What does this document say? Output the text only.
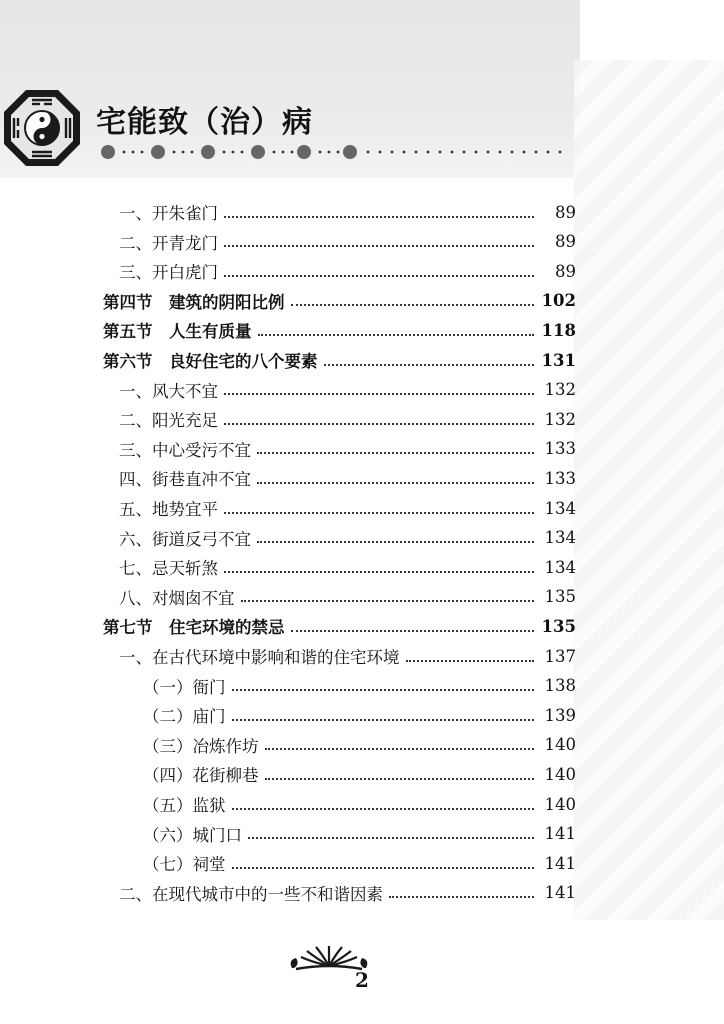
宅能致（治）病
一、开朱雀门	89
二、开青龙门	89
三、开白虎门	89
第四节　建筑的阴阳比例	102
第五节　人生有质量	118
第六节　良好住宅的八个要素	131
一、风大不宜	132
二、阳光充足	132
三、中心受污不宜	133
四、街巷直冲不宜	133
五、地势宜平	134
六、街道反弓不宜	134
七、忌天斩煞	134
八、对烟囱不宜	135
第七节　住宅环境的禁忌	135
一、在古代环境中影响和谐的住宅环境	137
（一）衙门	138
（二）庙门	139
（三）冶炼作坊	140
（四）花街柳巷	140
（五）监狱	140
（六）城门口	141
（七）祠堂	141
二、在现代城市中的一些不和谐因素	141
2
